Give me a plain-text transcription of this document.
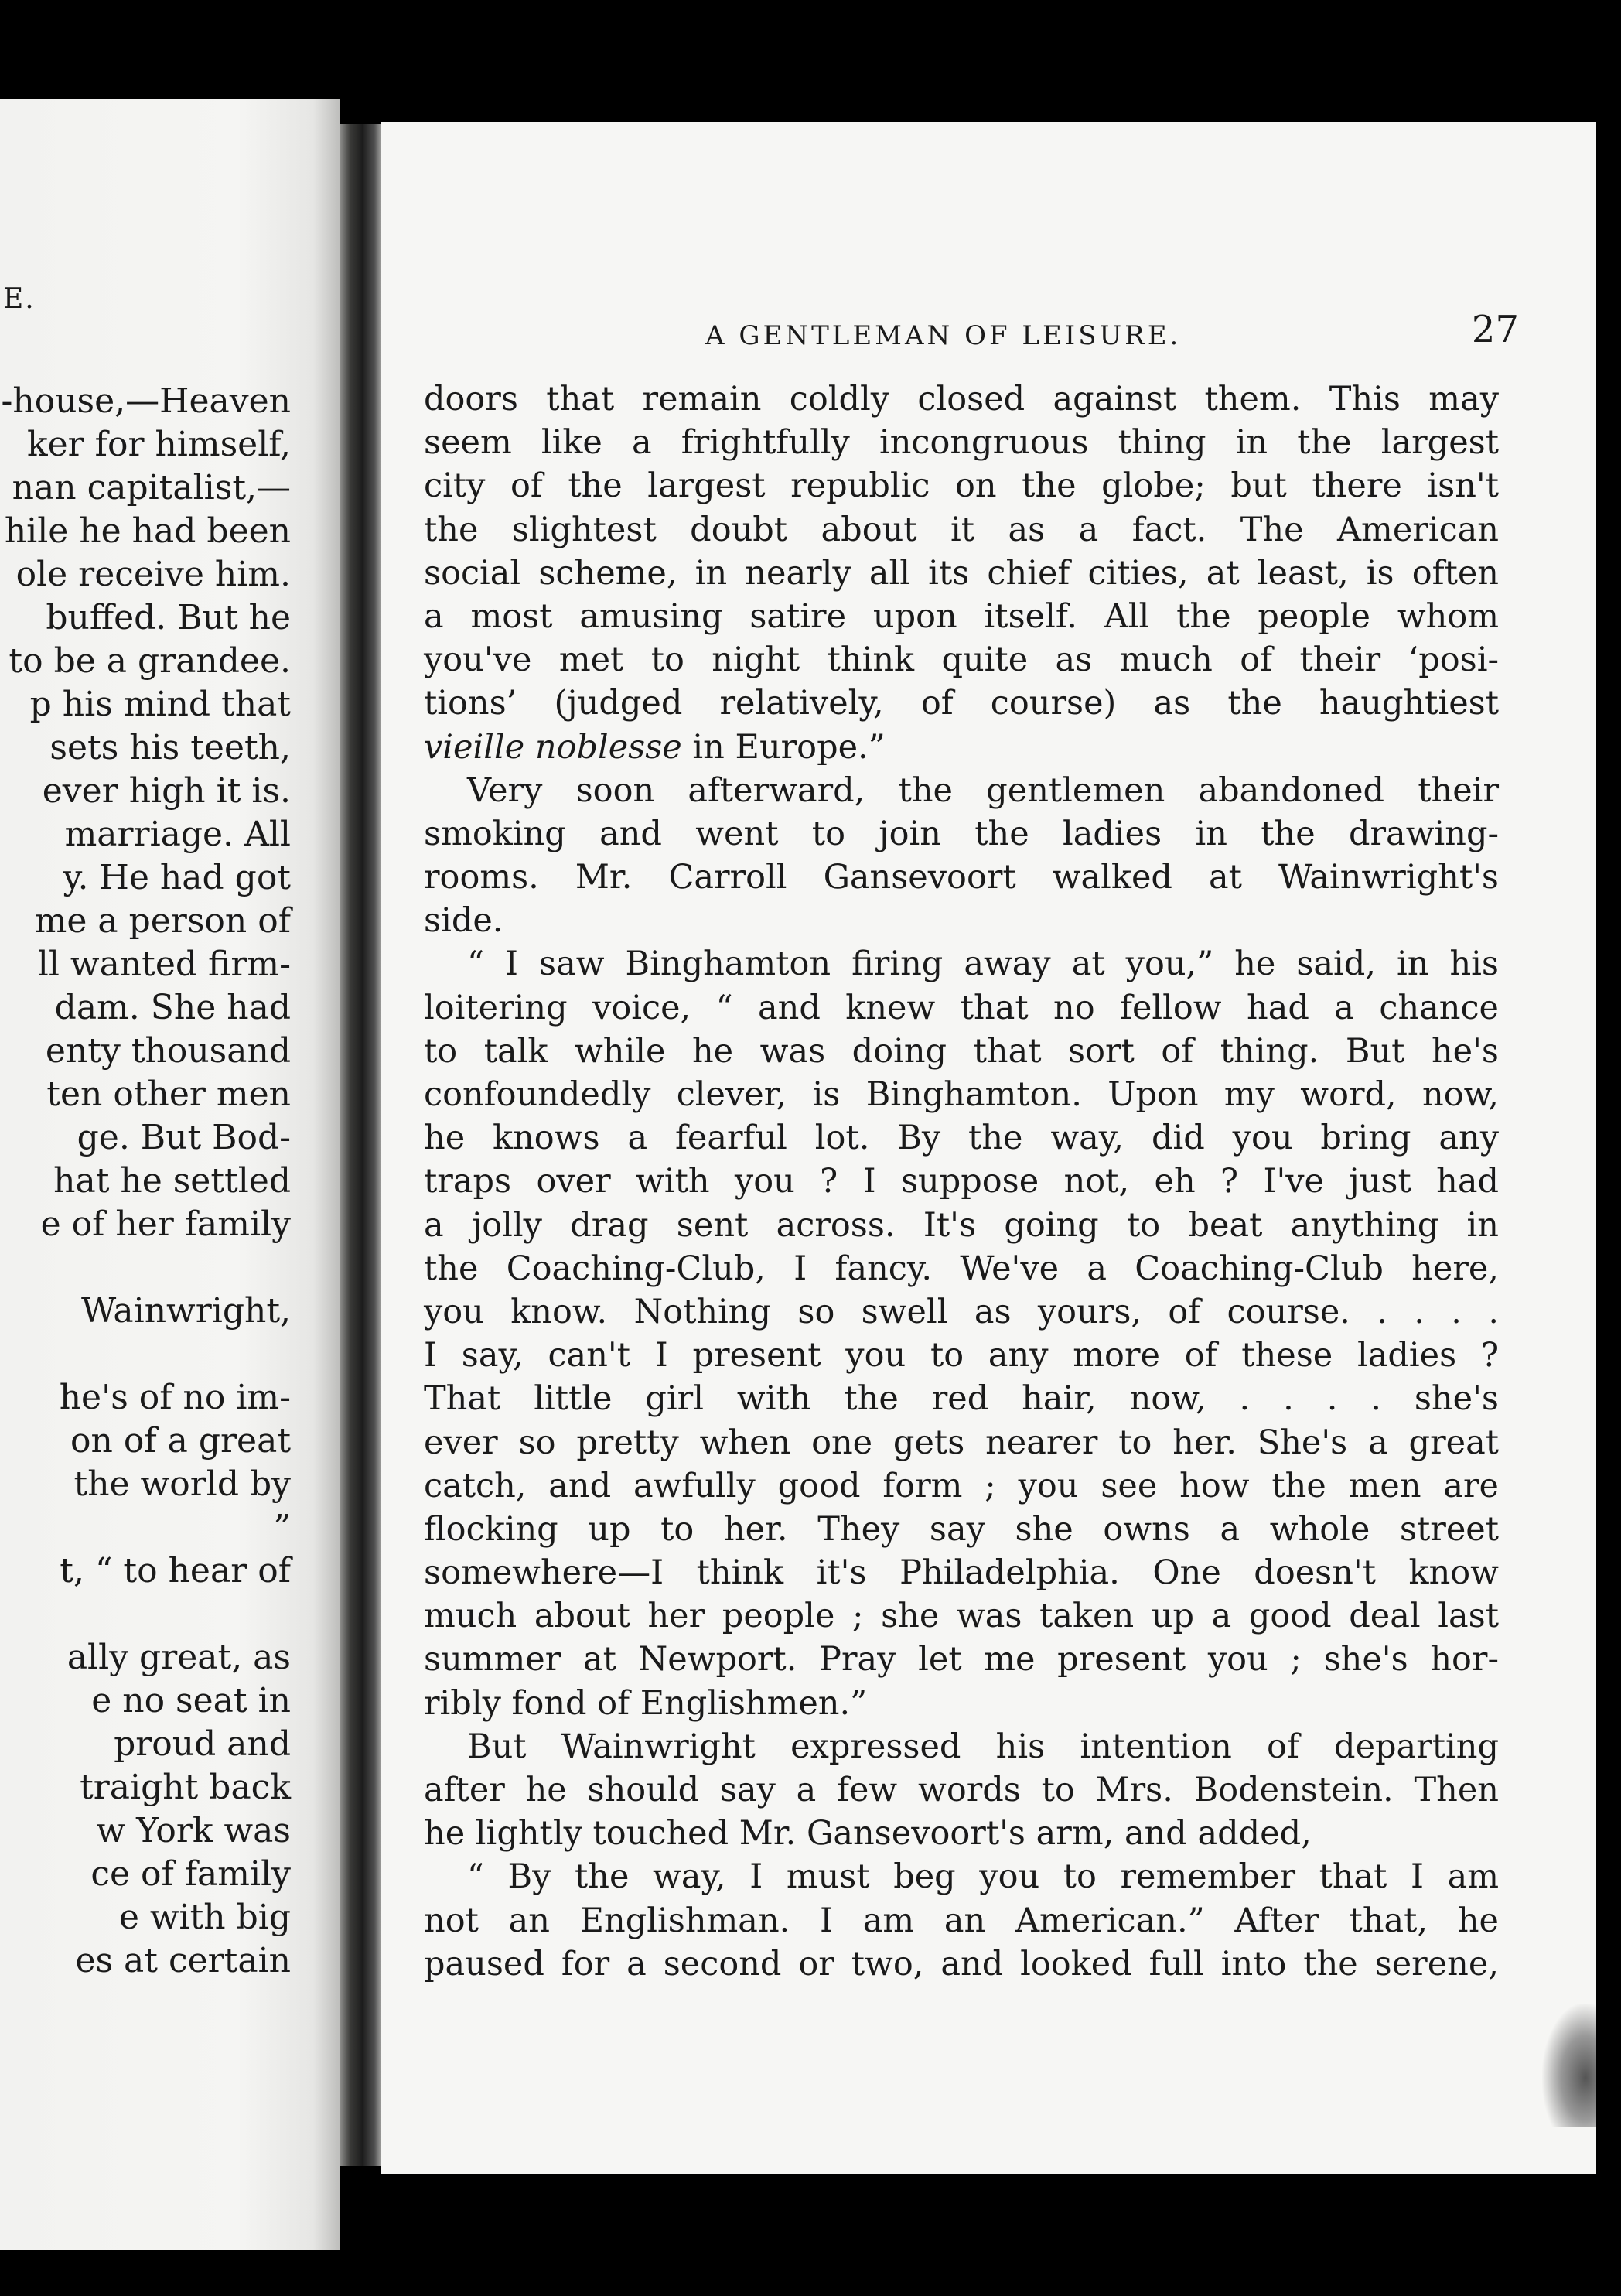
E.
-house,—Heaven
ker for himself,
nan capitalist,—
hile he had been
ole receive him.
buffed. But he
to be a grandee.
p his mind that
sets his teeth,
ever high it is.
marriage. All
y. He had got
me a person of
ll wanted firm-
dam. She had
enty thousand
ten other men
ge. But Bod-
hat he settled
e of her family
Wainwright,
he's of no im-
on of a great
the world by
”
t, “ to hear of
ally great, as
e no seat in
proud and
traight back
w York was
ce of family
e with big
es at certain
A GENTLEMAN OF LEISURE.	27
doors that remain coldly closed against them. This may
seem like a frightfully incongruous thing in the largest
city of the largest republic on the globe; but there isn't
the slightest doubt about it as a fact. The American
social scheme, in nearly all its chief cities, at least, is often
a most amusing satire upon itself. All the people whom
you've met to night think quite as much of their ‘posi-
tions’ (judged relatively, of course) as the haughtiest
vieille noblesse in Europe.”
Very soon afterward, the gentlemen abandoned their
smoking and went to join the ladies in the drawing-
rooms. Mr. Carroll Gansevoort walked at Wainwright's
side.
“ I saw Binghamton firing away at you,” he said, in his
loitering voice, “ and knew that no fellow had a chance
to talk while he was doing that sort of thing. But he's
confoundedly clever, is Binghamton. Upon my word, now,
he knows a fearful lot. By the way, did you bring any
traps over with you ? I suppose not, eh ? I've just had
a jolly drag sent across. It's going to beat anything in
the Coaching-Club, I fancy. We've a Coaching-Club here,
you know. Nothing so swell as yours, of course. . . . .
I say, can't I present you to any more of these ladies ?
That little girl with the red hair, now, . . . . she's
ever so pretty when one gets nearer to her. She's a great
catch, and awfully good form ; you see how the men are
flocking up to her. They say she owns a whole street
somewhere—I think it's Philadelphia. One doesn't know
much about her people ; she was taken up a good deal last
summer at Newport. Pray let me present you ; she's hor-
ribly fond of Englishmen.”
But Wainwright expressed his intention of departing
after he should say a few words to Mrs. Bodenstein. Then
he lightly touched Mr. Gansevoort's arm, and added,
“ By the way, I must beg you to remember that I am
not an Englishman. I am an American.” After that, he
paused for a second or two, and looked full into the serene,
